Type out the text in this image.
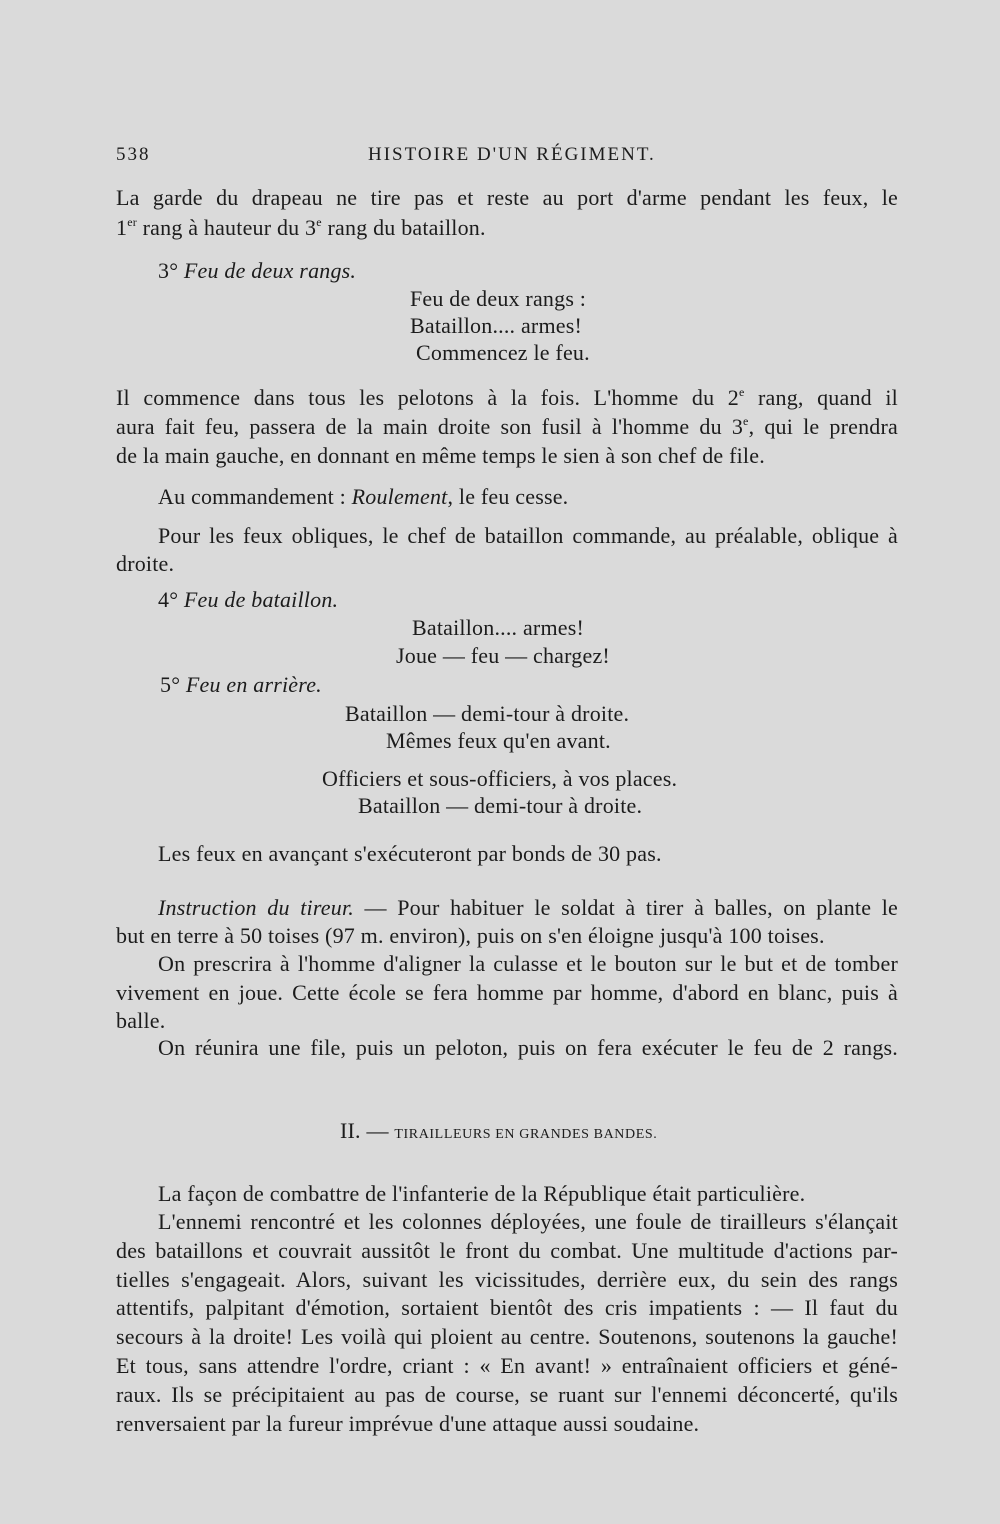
538	HISTOIRE D'UN RÉGIMENT.

La garde du drapeau ne tire pas et reste au port d'arme pendant les feux, le

1er rang à hauteur du 3e rang du bataillon.

3° Feu de deux rangs.

Feu de deux rangs :

Bataillon.... armes!

Commencez le feu.

Il commence dans tous les pelotons à la fois. L'homme du 2e rang, quand il

aura fait feu, passera de la main droite son fusil à l'homme du 3e, qui le prendra

de la main gauche, en donnant en même temps le sien à son chef de file.

Au commandement : Roulement, le feu cesse.

Pour les feux obliques, le chef de bataillon commande, au préalable, oblique à

droite.

4° Feu de bataillon.

Bataillon.... armes!

Joue — feu — chargez!

5° Feu en arrière.

Bataillon — demi-tour à droite.

Mêmes feux qu'en avant.

Officiers et sous-officiers, à vos places.

Bataillon — demi-tour à droite.

Les feux en avançant s'exécuteront par bonds de 30 pas.

Instruction du tireur. — Pour habituer le soldat à tirer à balles, on plante le

but en terre à 50 toises (97 m. environ), puis on s'en éloigne jusqu'à 100 toises.

On prescrira à l'homme d'aligner la culasse et le bouton sur le but et de tomber

vivement en joue. Cette école se fera homme par homme, d'abord en blanc, puis à

balle.

On réunira une file, puis un peloton, puis on fera exécuter le feu de 2 rangs.

II. — TIRAILLEURS EN GRANDES BANDES.

La façon de combattre de l'infanterie de la République était particulière.

L'ennemi rencontré et les colonnes déployées, une foule de tirailleurs s'élançait

des bataillons et couvrait aussitôt le front du combat. Une multitude d'actions par-

tielles s'engageait. Alors, suivant les vicissitudes, derrière eux, du sein des rangs

attentifs, palpitant d'émotion, sortaient bientôt des cris impatients : — Il faut du

secours à la droite! Les voilà qui ploient au centre. Soutenons, soutenons la gauche!

Et tous, sans attendre l'ordre, criant : « En avant! » entraînaient officiers et géné-

raux. Ils se précipitaient au pas de course, se ruant sur l'ennemi déconcerté, qu'ils

renversaient par la fureur imprévue d'une attaque aussi soudaine.
